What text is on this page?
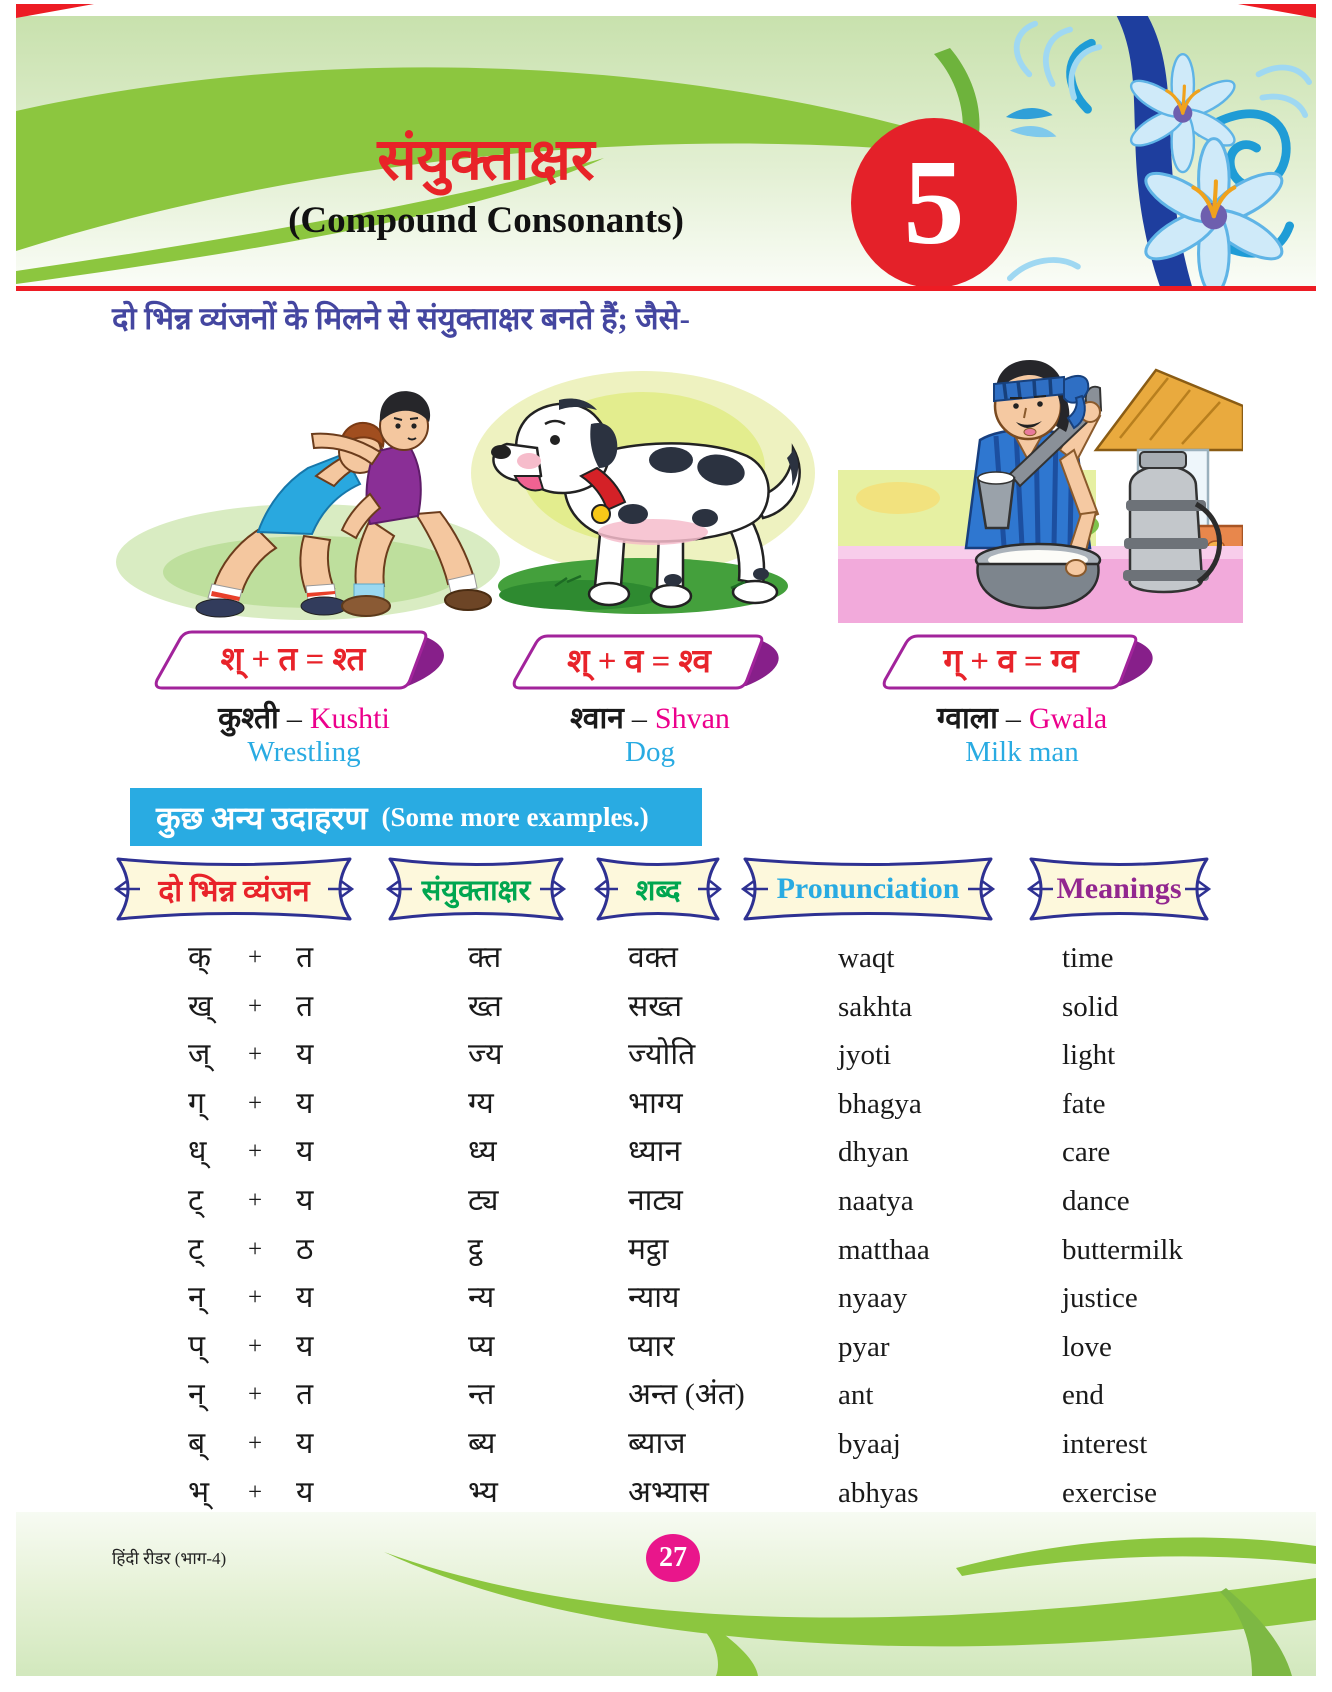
संयुक्ताक्षर
(Compound Consonants)	5
दो भिन्न व्यंजनों के मिलने से संयुक्ताक्षर बनते हैं; जैसे-
श् + त = श्त
कुश्ती – Kushti
Wrestling
श् + व = श्व
श्वान – Shvan
Dog
ग् + व = ग्व
ग्वाला – Gwala
Milk man
कुछ अन्य उदाहरण (Some more examples.)
दो भिन्न व्यंजन	संयुक्ताक्षर	शब्द	Pronunciation	Meanings
क् + त	क्त	वक्त	waqt	time
ख् + त	ख्त	सख्त	sakhta	solid
ज् + य	ज्य	ज्योति	jyoti	light
ग् + य	ग्य	भाग्य	bhagya	fate
ध् + य	ध्य	ध्यान	dhyan	care
ट् + य	ट्य	नाट्य	naatya	dance
ट् + ठ	ट्ठ	मट्ठा	matthaa	buttermilk
न् + य	न्य	न्याय	nyaay	justice
प् + य	प्य	प्यार	pyar	love
न् + त	न्त	अन्त (अंत)	ant	end
ब् + य	ब्य	ब्याज	byaaj	interest
भ् + य	भ्य	अभ्यास	abhyas	exercise
हिंदी रीडर (भाग-4)	27
